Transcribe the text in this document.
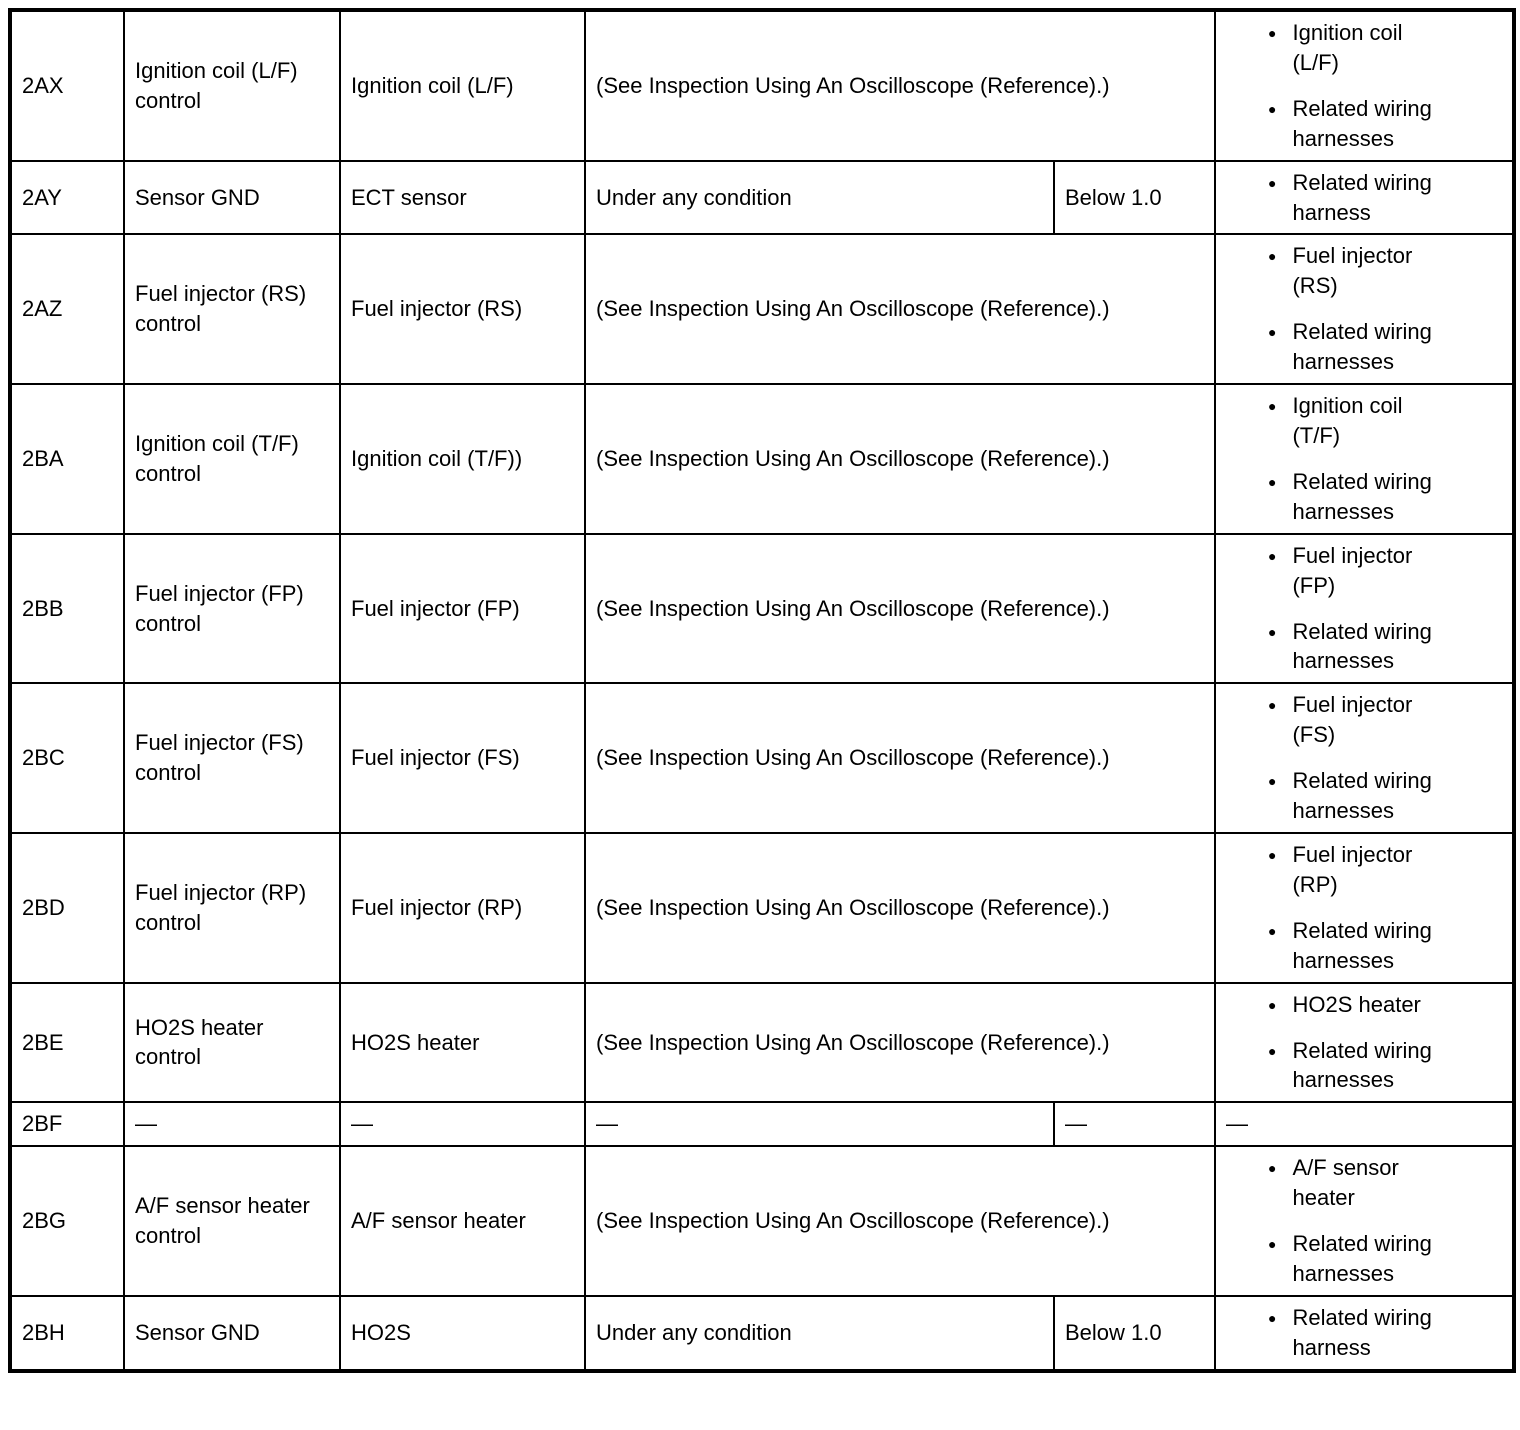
2AX	Ignition coil (L/F) control	Ignition coil (L/F)	(See Inspection Using An Oscilloscope (Reference).)		● Ignition coil (L/F)
● Related wiring harnesses

2AY	Sensor GND	ECT sensor	Under any condition	Below 1.0	● Related wiring harness

2AZ	Fuel injector (RS) control	Fuel injector (RS)	(See Inspection Using An Oscilloscope (Reference).)		● Fuel injector (RS)
● Related wiring harnesses

2BA	Ignition coil (T/F) control	Ignition coil (T/F))	(See Inspection Using An Oscilloscope (Reference).)		● Ignition coil (T/F)
● Related wiring harnesses

2BB	Fuel injector (FP) control	Fuel injector (FP)	(See Inspection Using An Oscilloscope (Reference).)		● Fuel injector (FP)
● Related wiring harnesses

2BC	Fuel injector (FS) control	Fuel injector (FS)	(See Inspection Using An Oscilloscope (Reference).)		● Fuel injector (FS)
● Related wiring harnesses

2BD	Fuel injector (RP) control	Fuel injector (RP)	(See Inspection Using An Oscilloscope (Reference).)		● Fuel injector (RP)
● Related wiring harnesses

2BE	HO2S heater control	HO2S heater	(See Inspection Using An Oscilloscope (Reference).)		● HO2S heater
● Related wiring harnesses

2BF	—	—	—	—	—
2BG	A/F sensor heater control	A/F sensor heater	(See Inspection Using An Oscilloscope (Reference).)		● A/F sensor heater
● Related wiring harnesses

2BH	Sensor GND	HO2S	Under any condition	Below 1.0	● Related wiring harness
